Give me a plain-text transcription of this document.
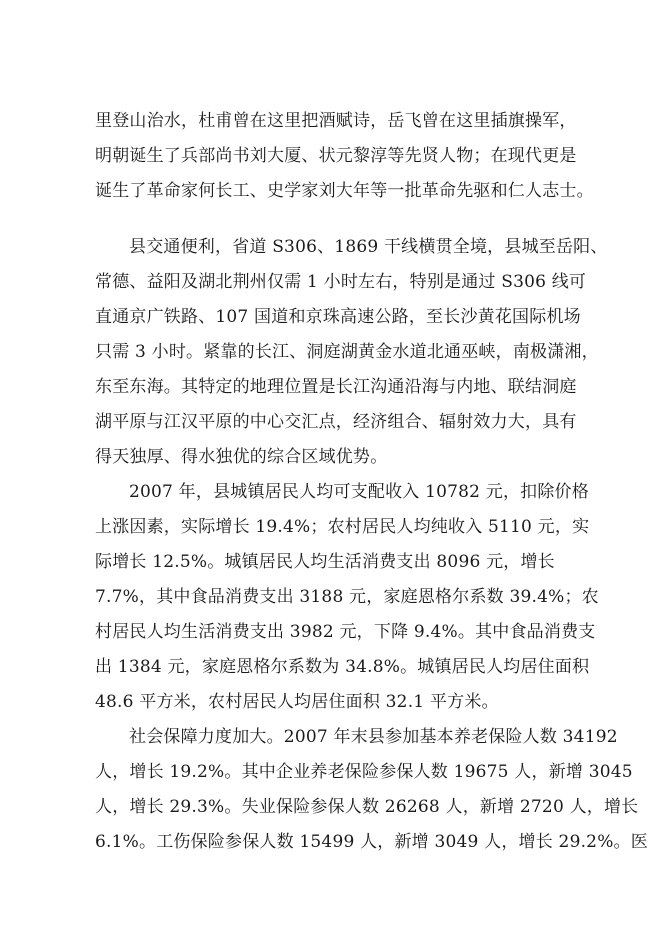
里登山治水，杜甫曾在这里把酒赋诗，岳飞曾在这里插旗操军，
明朝诞生了兵部尚书刘大厦、状元黎淳等先贤人物；在现代更是
诞生了革命家何长工、史学家刘大年等一批革命先驱和仁人志士。
县交通便利，省道 S306、1869 干线横贯全境，县城至岳阳、
常德、益阳及湖北荆州仅需 1 小时左右，特别是通过 S306 线可
直通京广铁路、107 国道和京珠高速公路，至长沙黄花国际机场
只需 3 小时。紧靠的长江、洞庭湖黄金水道北通巫峡，南极潇湘，
东至东海。其特定的地理位置是长江沟通沿海与内地、联结洞庭
湖平原与江汉平原的中心交汇点，经济组合、辐射效力大，具有
得天独厚、得水独优的综合区域优势。
2007 年，县城镇居民人均可支配收入 10782 元，扣除价格
上涨因素，实际增长 19.4%；农村居民人均纯收入 5110 元，实
际增长 12.5%。城镇居民人均生活消费支出 8096 元，增长
7.7%，其中食品消费支出 3188 元，家庭恩格尔系数 39.4%；农
村居民人均生活消费支出 3982 元，下降 9.4%。其中食品消费支
出 1384 元，家庭恩格尔系数为 34.8%。城镇居民人均居住面积
48.6 平方米，农村居民人均居住面积 32.1 平方米。
社会保障力度加大。2007 年末县参加基本养老保险人数 34192
人，增长 19.2%。其中企业养老保险参保人数 19675 人，新增 3045
人，增长 29.3%。失业保险参保人数 26268 人，新增 2720 人，增长
6.1%。工伤保险参保人数 15499 人，新增 3049 人，增长 29.2%。医
